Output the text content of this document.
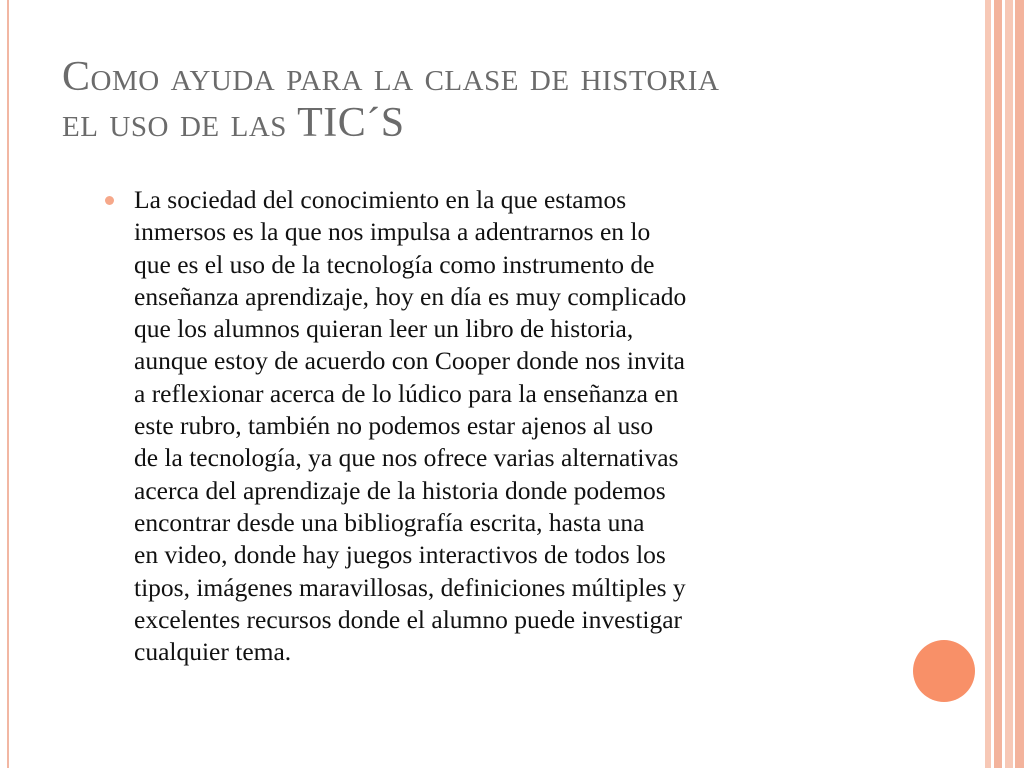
Como ayuda para la clase de historia
el uso de las TIC´S

La sociedad del conocimiento en la que estamos
inmersos es la que nos impulsa a adentrarnos en lo
que es el uso de la tecnología como instrumento de
enseñanza aprendizaje, hoy en día es muy complicado
que los alumnos quieran leer un libro de historia,
aunque estoy de acuerdo con Cooper donde nos invita
a reflexionar acerca de lo lúdico para la enseñanza en
este rubro, también no podemos estar ajenos al uso
de la tecnología, ya que nos ofrece varias alternativas
acerca del aprendizaje de la historia donde podemos
encontrar desde una bibliografía escrita, hasta una
en video, donde hay juegos interactivos de todos los
tipos, imágenes maravillosas, definiciones múltiples y
excelentes recursos donde el alumno puede investigar
cualquier tema.
